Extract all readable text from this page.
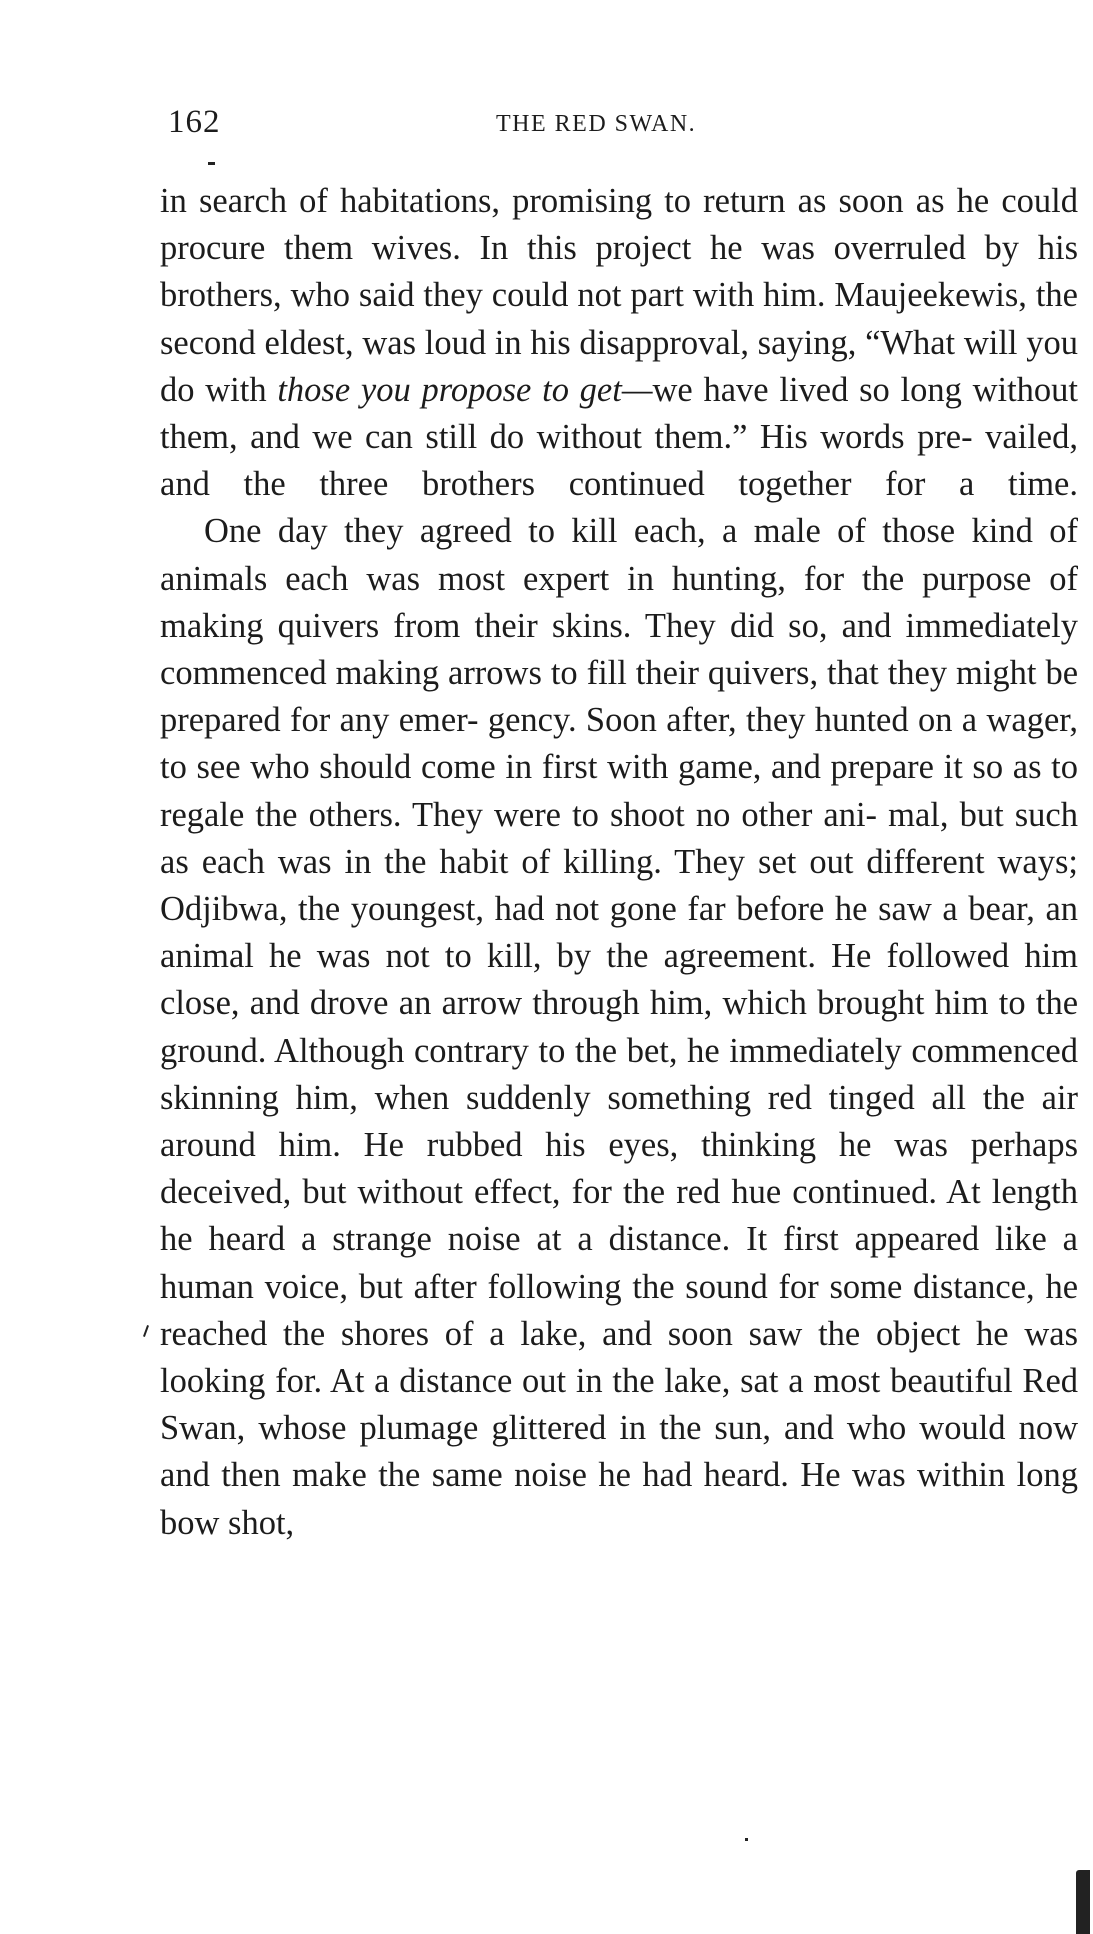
162	THE RED SWAN.

in search of habitations, promising to return as soon as he could procure them wives. In this project he was overruled by his brothers, who said they could not part with him. Maujeekewis, the second eldest, was loud in his disapproval, saying, “What will you do with those you propose to get—we have lived so long without them, and we can still do without them.” His words pre- vailed, and the three brothers continued together for a time.

One day they agreed to kill each, a male of those kind of animals each was most expert in hunting, for the purpose of making quivers from their skins. They did so, and immediately commenced making arrows to fill their quivers, that they might be prepared for any emer- gency. Soon after, they hunted on a wager, to see who should come in first with game, and prepare it so as to regale the others. They were to shoot no other ani- mal, but such as each was in the habit of killing. They set out different ways; Odjibwa, the youngest, had not gone far before he saw a bear, an animal he was not to kill, by the agreement. He followed him close, and drove an arrow through him, which brought him to the ground. Although contrary to the bet, he immediately commenced skinning him, when suddenly something red tinged all the air around him. He rubbed his eyes, thinking he was perhaps deceived, but without effect, for the red hue continued. At length he heard a strange noise at a distance. It first appeared like a human voice, but after following the sound for some distance, he reached the shores of a lake, and soon saw the object he was looking for. At a distance out in the lake, sat a most beautiful Red Swan, whose plumage glittered in the sun, and who would now and then make the same noise he had heard. He was within long bow shot,
